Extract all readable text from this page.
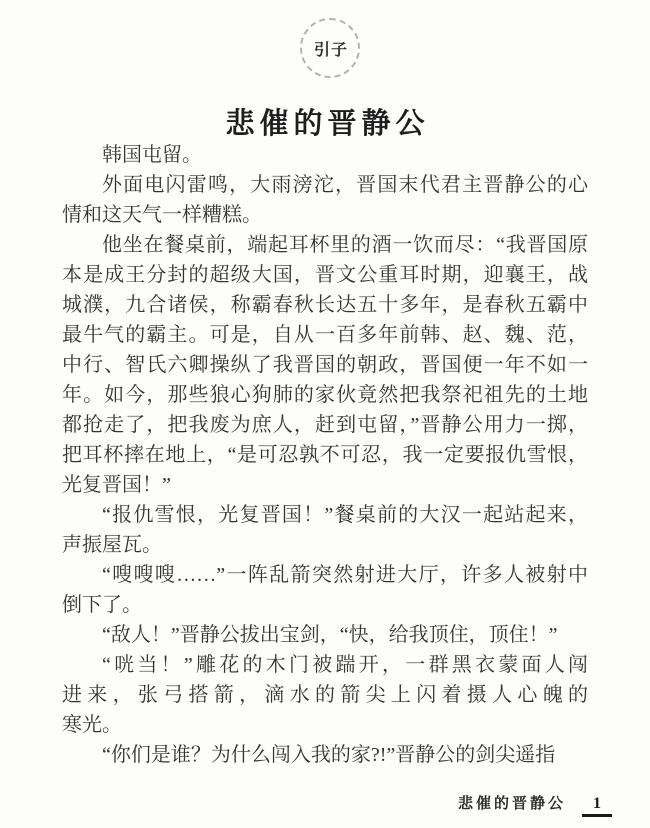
引子
悲催的晋静公
韩国屯留。
外面电闪雷鸣，大雨滂沱，晋国末代君主晋静公的心
情和这天气一样糟糕。
他坐在餐桌前，端起耳杯里的酒一饮而尽：“我晋国原
本是成王分封的超级大国，晋文公重耳时期，迎襄王，战
城濮，九合诸侯，称霸春秋长达五十多年，是春秋五霸中
最牛气的霸主。可是，自从一百多年前韩、赵、魏、范，
中行、智氏六卿操纵了我晋国的朝政，晋国便一年不如一
年。如今，那些狼心狗肺的家伙竟然把我祭祀祖先的土地
都抢走了，把我废为庶人，赶到屯留，”晋静公用力一掷，
把耳杯摔在地上，“是可忍孰不可忍，我一定要报仇雪恨，
光复晋国！”
“报仇雪恨，光复晋国！”餐桌前的大汉一起站起来，
声振屋瓦。
“嗖嗖嗖……”一阵乱箭突然射进大厅，许多人被射中
倒下了。
“敌人！”晋静公拔出宝剑，“快，给我顶住，顶住！”
“咣当！”雕花的木门被踹开，一群黑衣蒙面人闯
进来，张弓搭箭，滴水的箭尖上闪着摄人心魄的
寒光。
“你们是谁？为什么闯入我的家?!”晋静公的剑尖遥指
悲催的晋静公	1
